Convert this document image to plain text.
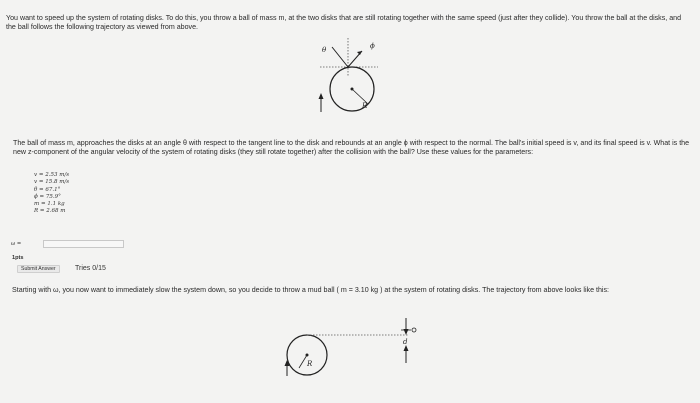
You want to speed up the system of rotating disks. To do this, you throw a ball of mass m, at the two disks that are still rotating together with the same speed (just after they collide). You throw the ball at the disks, and the ball follows the following trajectory as viewed from above.
θ	ϕ
R
The ball of mass m, approaches the disks at an angle θ with respect to the tangent line to the disk and rebounds at an angle ϕ with respect to the normal. The ball's initial speed is v, and its final speed is v. What is the new z-component of the angular velocity of the system of rotating disks (they still rotate together) after the collision with the ball? Use these values for the parameters:
v = 2.53 m/s
v = 15.8 m/s
θ = 67.1°
ϕ = 75.9°
m = 1.1 kg
R = 2.68 m
ω =
1pts
Submit Answer	Tries 0/15
Starting with ω, you now want to immediately slow the system down, so you decide to throw a mud ball ( m = 3.10 kg ) at the system of rotating disks. The trajectory from above looks like this:
d
R
